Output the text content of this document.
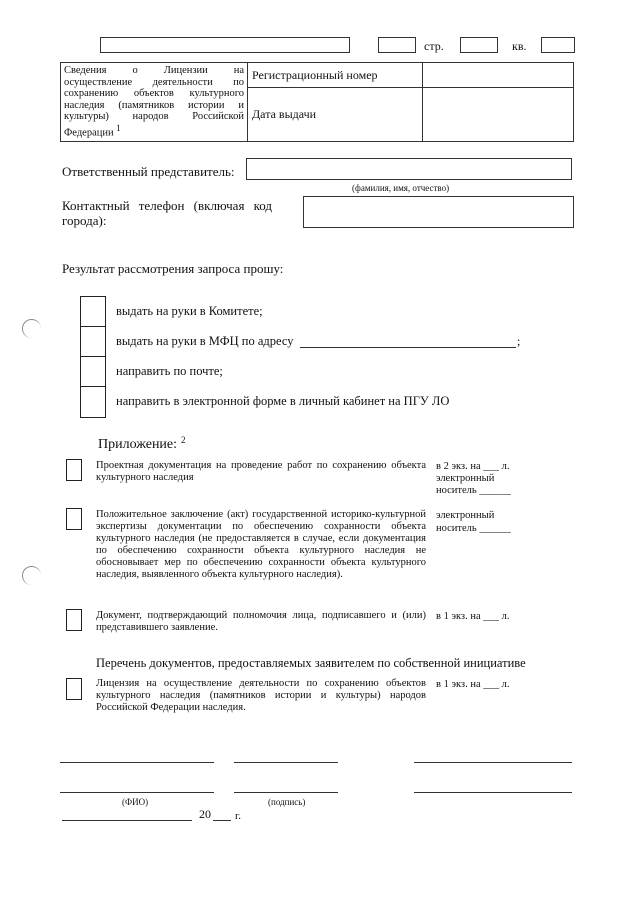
стр.	кв.
Сведения о Лицензии на осуществление деятельности по сохранению объектов культурного наследия (памятников истории и культуры) народов Российской Федерации $^1$	Регистрационный номер	
	Дата выдачи	
Ответственный представитель:
(фамилия, имя, отчество)
Контактный телефон (включая код города):
Результат рассмотрения запроса прошу:
выдать на руки в Комитете;
выдать на руки в МФЦ по адресу	;
направить по почте;
направить в электронной форме в личный кабинет на ПГУ ЛО
Приложение: 2
Проектная документация на проведение работ по сохранению объекта культурного наследия
в 2 экз. на ___ л.
электронный носитель ______
Положительное заключение (акт) государственной историко-культурной экспертизы документации по обеспечению сохранности объекта культурного наследия (не предоставляется в случае, если документация по обеспечению сохранности объекта культурного наследия не обосновывает мер по обеспечению сохранности объекта культурного наследия, выявленного объекта культурного наследия).
электронный
носитель ______
Документ, подтверждающий полномочия лица, подписавшего и (или) представившего заявление.
в 1 экз. на ___ л.
Перечень документов, предоставляемых заявителем по собственной инициативе
Лицензия на осуществление деятельности по сохранению объектов культурного наследия (памятников истории и культуры) народов Российской Федерации наследия.
в 1 экз. на ___ л.
(ФИО)	(подпись)
20 г.
